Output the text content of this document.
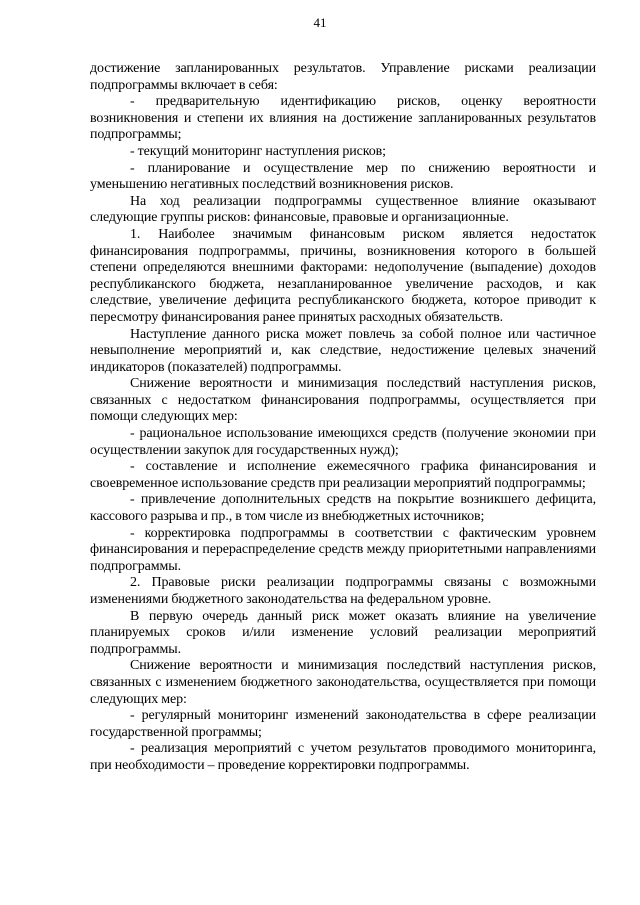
41

достижение запланированных результатов. Управление рисками реализации подпрограммы включает в себя:

- предварительную идентификацию рисков, оценку вероятности возникновения и степени их влияния на достижение запланированных результатов подпрограммы;

- текущий мониторинг наступления рисков;

- планирование и осуществление мер по снижению вероятности и уменьшению негативных последствий возникновения рисков.

На ход реализации подпрограммы существенное влияние оказывают следующие группы рисков: финансовые, правовые и организационные.

1. Наиболее значимым финансовым риском является недостаток финансирования подпрограммы, причины, возникновения которого в большей степени определяются внешними факторами: недополучение (выпадение) доходов республиканского бюджета, незапланированное увеличение расходов, и как следствие, увеличение дефицита республиканского бюджета, которое приводит к пересмотру финансирования ранее принятых расходных обязательств.

Наступление данного риска может повлечь за собой полное или частичное невыполнение мероприятий и, как следствие, недостижение целевых значений индикаторов (показателей) подпрограммы.

Снижение вероятности и минимизация последствий наступления рисков, связанных с недостатком финансирования подпрограммы, осуществляется при помощи следующих мер:

- рациональное использование имеющихся средств (получение экономии при осуществлении закупок для государственных нужд);

- составление и исполнение ежемесячного графика финансирования и своевременное использование средств при реализации мероприятий подпрограммы;

- привлечение дополнительных средств на покрытие возникшего дефицита, кассового разрыва и пр., в том числе из внебюджетных источников;

- корректировка подпрограммы в соответствии с фактическим уровнем финансирования и перераспределение средств между приоритетными направлениями подпрограммы.

2. Правовые риски реализации подпрограммы связаны с возможными изменениями бюджетного законодательства на федеральном уровне.

В первую очередь данный риск может оказать влияние на увеличение планируемых сроков и/или изменение условий реализации мероприятий подпрограммы.

Снижение вероятности и минимизация последствий наступления рисков, связанных с изменением бюджетного законодательства, осуществляется при помощи следующих мер:

- регулярный мониторинг изменений законодательства в сфере реализации государственной программы;

- реализация мероприятий с учетом результатов проводимого мониторинга, при необходимости – проведение корректировки подпрограммы.
